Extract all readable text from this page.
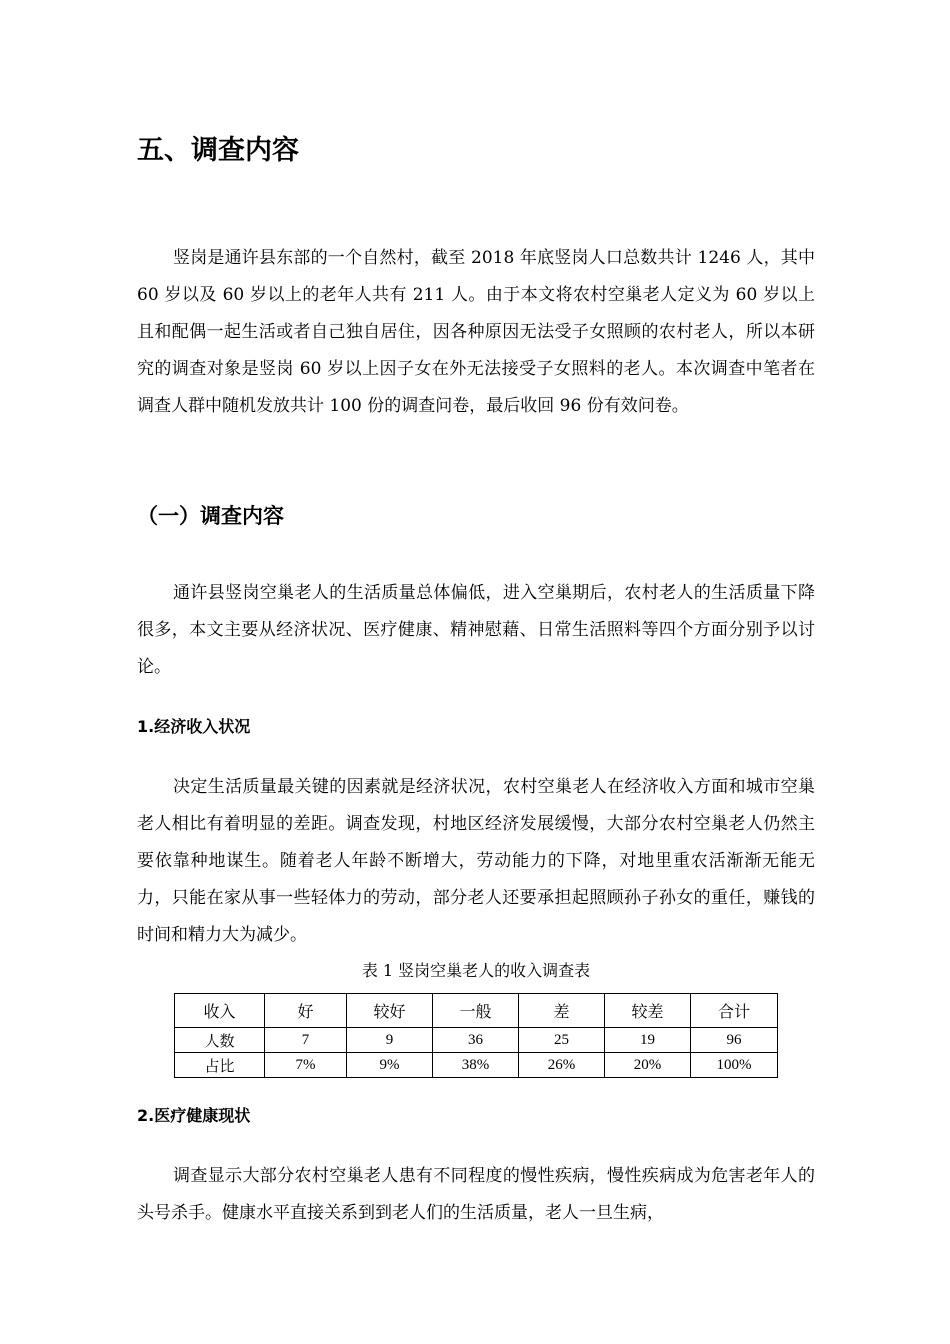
五、调查内容

竖岗是通许县东部的一个自然村，截至 2018 年底竖岗人口总数共计 1246 人，其中 60 岁以及 60 岁以上的老年人共有 211 人。由于本文将农村空巢老人定义为 60 岁以上且和配偶一起生活或者自己独自居住，因各种原因无法受子女照顾的农村老人，所以本研究的调查对象是竖岗 60 岁以上因子女在外无法接受子女照料的老人。本次调查中笔者在调查人群中随机发放共计 100 份的调查问卷，最后收回 96 份有效问卷。

（一）调查内容

通许县竖岗空巢老人的生活质量总体偏低，进入空巢期后，农村老人的生活质量下降很多，本文主要从经济状况、医疗健康、精神慰藉、日常生活照料等四个方面分别予以讨论。

1.经济收入状况

决定生活质量最关键的因素就是经济状况，农村空巢老人在经济收入方面和城市空巢老人相比有着明显的差距。调查发现，村地区经济发展缓慢，大部分农村空巢老人仍然主要依靠种地谋生。随着老人年龄不断增大，劳动能力的下降，对地里重农活渐渐无能无力，只能在家从事一些轻体力的劳动，部分老人还要承担起照顾孙子孙女的重任，赚钱的时间和精力大为减少。

表 1 竖岗空巢老人的收入调查表

收入	好	较好	一般	差	较差	合计
人数	7	9	36	25	19	96
占比	7%	9%	38%	26%	20%	100%
2.医疗健康现状

调查显示大部分农村空巢老人患有不同程度的慢性疾病，慢性疾病成为危害老年人的头号杀手。健康水平直接关系到到老人们的生活质量，老人一旦生病，
